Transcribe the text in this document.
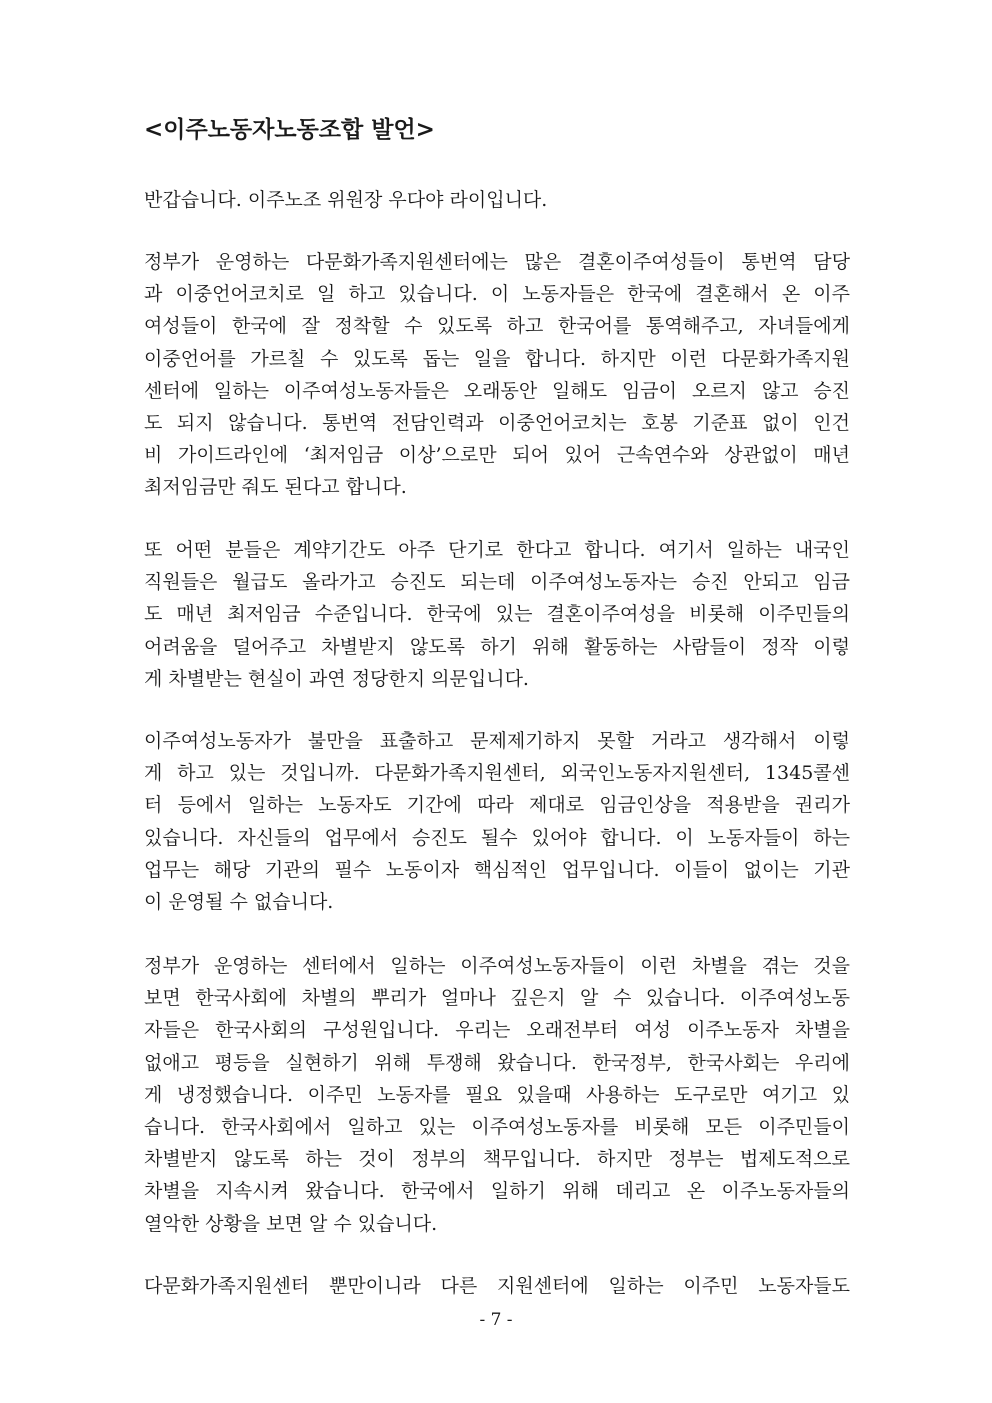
<이주노동자노동조합 발언>

반갑습니다. 이주노조 위원장 우다야 라이입니다.

정부가 운영하는 다문화가족지원센터에는 많은 결혼이주여성들이 통번역 담당
과 이중언어코치로 일 하고 있습니다. 이 노동자들은 한국에 결혼해서 온 이주
여성들이 한국에 잘 정착할 수 있도록 하고 한국어를 통역해주고, 자녀들에게
이중언어를 가르칠 수 있도록 돕는 일을 합니다. 하지만 이런 다문화가족지원
센터에 일하는 이주여성노동자들은 오래동안 일해도 임금이 오르지 않고 승진
도 되지 않습니다. 통번역 전담인력과 이중언어코치는 호봉 기준표 없이 인건
비 가이드라인에 ‘최저임금 이상’으로만 되어 있어 근속연수와 상관없이 매년
최저임금만 줘도 된다고 합니다.

또 어떤 분들은 계약기간도 아주 단기로 한다고 합니다. 여기서 일하는 내국인
직원들은 월급도 올라가고 승진도 되는데 이주여성노동자는 승진 안되고 임금
도 매년 최저임금 수준입니다. 한국에 있는 결혼이주여성을 비롯해 이주민들의
어려움을 덜어주고 차별받지 않도록 하기 위해 활동하는 사람들이 정작 이렇
게 차별받는 현실이 과연 정당한지 의문입니다.

이주여성노동자가 불만을 표출하고 문제제기하지 못할 거라고 생각해서 이렇
게 하고 있는 것입니까. 다문화가족지원센터, 외국인노동자지원센터, 1345콜센
터 등에서 일하는 노동자도 기간에 따라 제대로 임금인상을 적용받을 권리가
있습니다. 자신들의 업무에서 승진도 될수 있어야 합니다. 이 노동자들이 하는
업무는 해당 기관의 필수 노동이자 핵심적인 업무입니다. 이들이 없이는 기관
이 운영될 수 없습니다.

정부가 운영하는 센터에서 일하는 이주여성노동자들이 이런 차별을 겪는 것을
보면 한국사회에 차별의 뿌리가 얼마나 깊은지 알 수 있습니다. 이주여성노동
자들은 한국사회의 구성원입니다. 우리는 오래전부터 여성 이주노동자 차별을
없애고 평등을 실현하기 위해 투쟁해 왔습니다. 한국정부, 한국사회는 우리에
게 냉정했습니다. 이주민 노동자를 필요 있을때 사용하는 도구로만 여기고 있
습니다. 한국사회에서 일하고 있는 이주여성노동자를 비롯해 모든 이주민들이
차별받지 않도록 하는 것이 정부의 책무입니다. 하지만 정부는 법제도적으로
차별을 지속시켜 왔습니다. 한국에서 일하기 위해 데리고 온 이주노동자들의
열악한 상황을 보면 알 수 있습니다.

다문화가족지원센터 뿐만이니라 다른 지원센터에 일하는 이주민 노동자들도

- 7 -
